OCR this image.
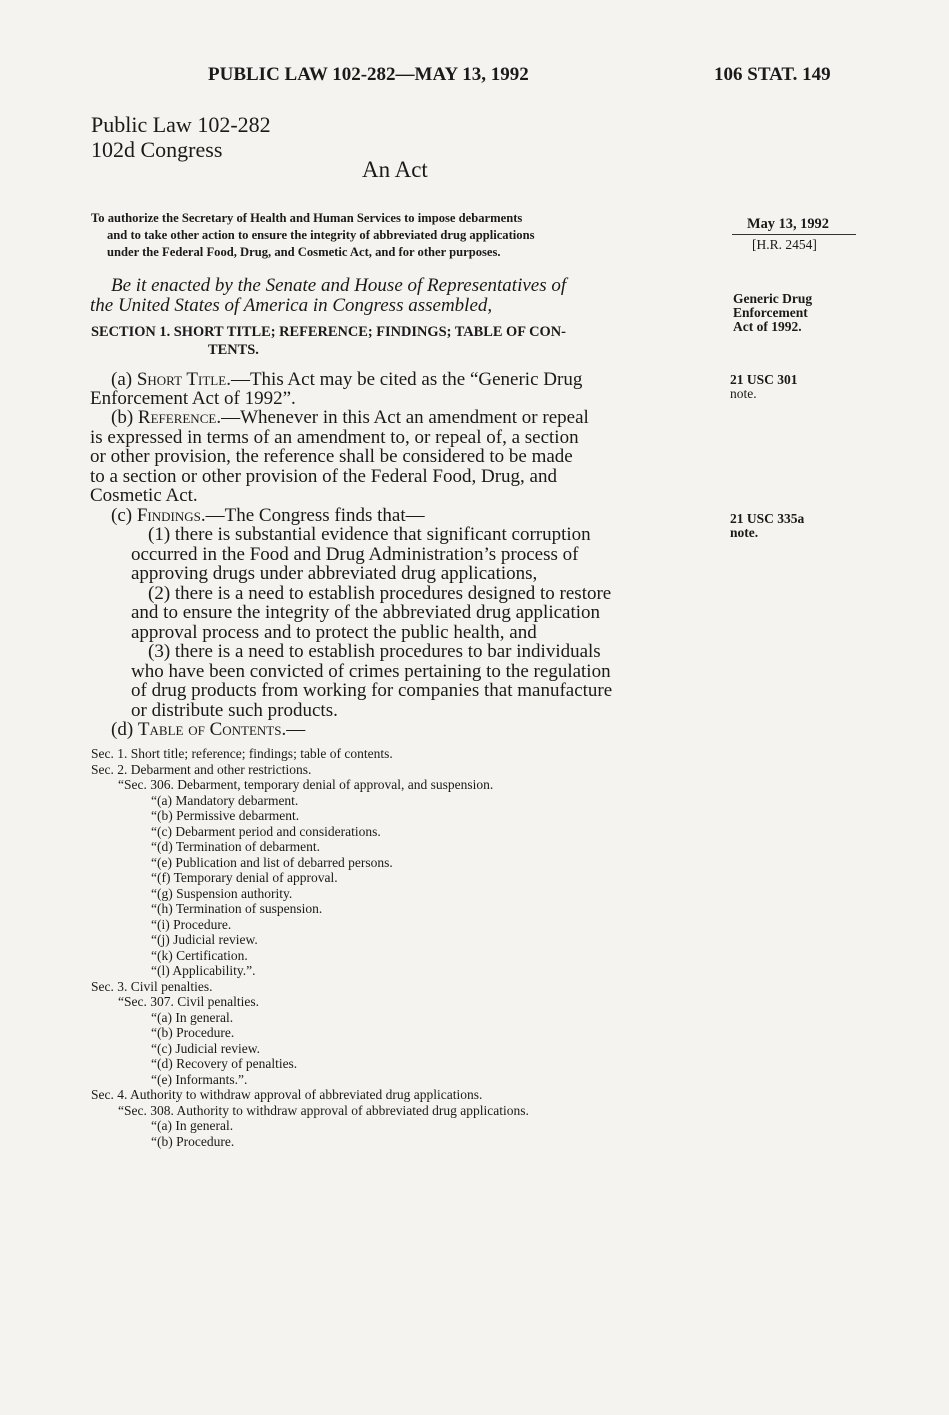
PUBLIC LAW 102-282—MAY 13, 1992	106 STAT. 149
Public Law 102-282
102d Congress
An Act
To authorize the Secretary of Health and Human Services to impose debarments
and to take other action to ensure the integrity of abbreviated drug applications
under the Federal Food, Drug, and Cosmetic Act, and for other purposes.
May 13, 1992
[H.R. 2454]
Generic Drug
Enforcement
Act of 1992.
21 USC 301
note.
21 USC 335a
note.
Be it enacted by the Senate and House of Representatives of
the United States of America in Congress assembled,
SECTION 1. SHORT TITLE; REFERENCE; FINDINGS; TABLE OF CON-
TENTS.
(a) Short Title.—This Act may be cited as the “Generic Drug
Enforcement Act of 1992”.
(b) Reference.—Whenever in this Act an amendment or repeal
is expressed in terms of an amendment to, or repeal of, a section
or other provision, the reference shall be considered to be made
to a section or other provision of the Federal Food, Drug, and
Cosmetic Act.
(c) Findings.—The Congress finds that—
(1) there is substantial evidence that significant corruption
occurred in the Food and Drug Administration’s process of
approving drugs under abbreviated drug applications,
(2) there is a need to establish procedures designed to restore
and to ensure the integrity of the abbreviated drug application
approval process and to protect the public health, and
(3) there is a need to establish procedures to bar individuals
who have been convicted of crimes pertaining to the regulation
of drug products from working for companies that manufacture
or distribute such products.
(d) Table of Contents.—
Sec. 1. Short title; reference; findings; table of contents.
Sec. 2. Debarment and other restrictions.
“Sec. 306. Debarment, temporary denial of approval, and suspension.
“(a) Mandatory debarment.
“(b) Permissive debarment.
“(c) Debarment period and considerations.
“(d) Termination of debarment.
“(e) Publication and list of debarred persons.
“(f) Temporary denial of approval.
“(g) Suspension authority.
“(h) Termination of suspension.
“(i) Procedure.
“(j) Judicial review.
“(k) Certification.
“(l) Applicability.”.
Sec. 3. Civil penalties.
“Sec. 307. Civil penalties.
“(a) In general.
“(b) Procedure.
“(c) Judicial review.
“(d) Recovery of penalties.
“(e) Informants.”.
Sec. 4. Authority to withdraw approval of abbreviated drug applications.
“Sec. 308. Authority to withdraw approval of abbreviated drug applications.
“(a) In general.
“(b) Procedure.
